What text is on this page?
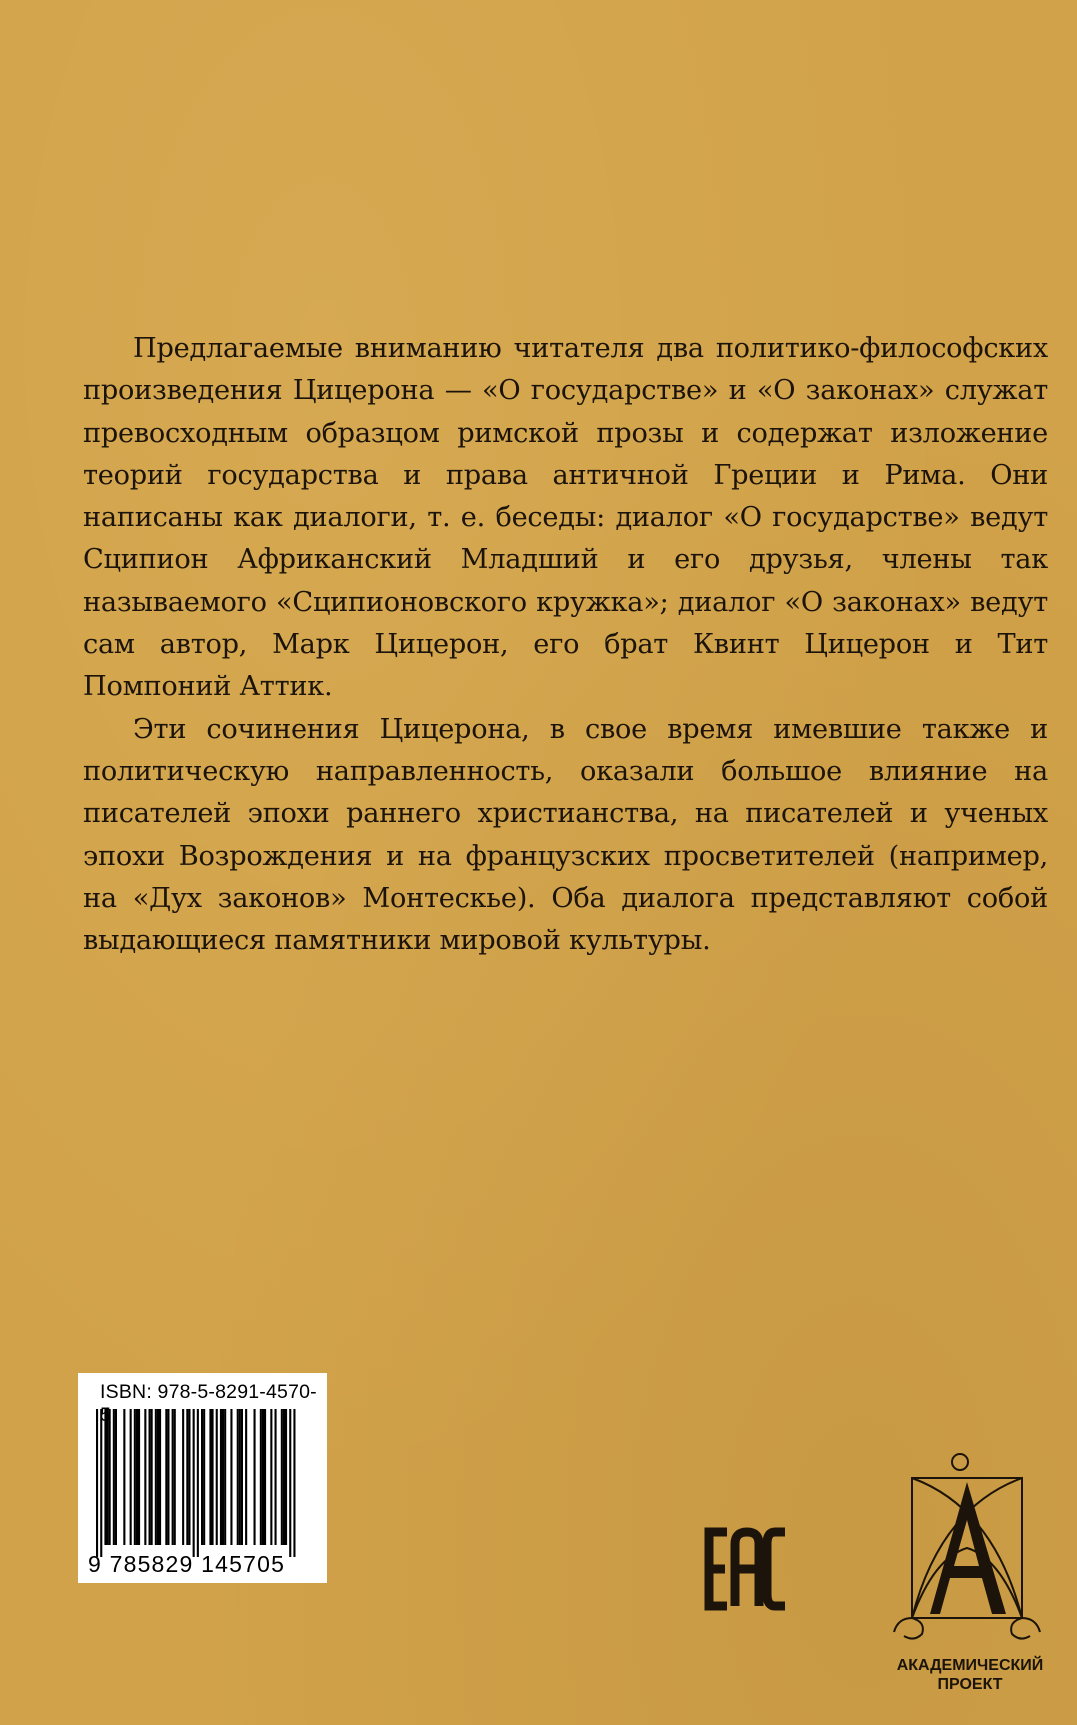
Предлагаемые вниманию читателя два политико-философских произведения Цицерона — «О государстве» и «О законах» служат превосходным образцом римской прозы и содержат изложение теорий государства и права античной Греции и Рима. Они написаны как диалоги, т. е. беседы: диалог «О государстве» ведут Сципион Африканский Младший и его друзья, члены так называемого «Сципионовского кружка»; диалог «О законах» ведут сам автор, Марк Цицерон, его брат Квинт Цицерон и Тит Помпоний Аттик.

Эти сочинения Цицерона, в свое время имевшие также и политическую направленность, оказали большое влияние на писателей эпохи раннего христианства, на писателей и ученых эпохи Возрождения и на французских просветителей (например, на «Дух законов» Монтескье). Оба диалога представляют собой выдающиеся памятники мировой культуры.

ISBN: 978-5-8291-4570-
9 785829 145705
АКАДЕМИЧЕСКИЙ
ПРОЕКТ
